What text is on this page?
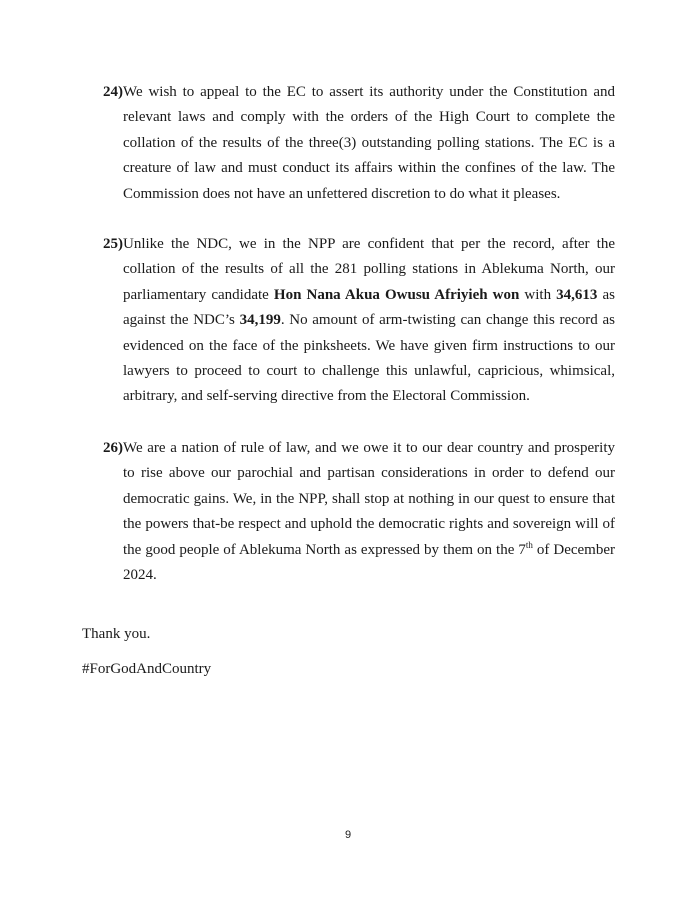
24)We wish to appeal to the EC to assert its authority under the Constitution and relevant laws and comply with the orders of the High Court to complete the collation of the results of the three(3) outstanding polling stations. The EC is a creature of law and must conduct its affairs within the confines of the law. The Commission does not have an unfettered discretion to do what it pleases.

25)Unlike the NDC, we in the NPP are confident that per the record, after the collation of the results of all the 281 polling stations in Ablekuma North, our parliamentary candidate Hon Nana Akua Owusu Afriyieh won with 34,613 as against the NDC’s 34,199. No amount of arm-twisting can change this record as evidenced on the face of the pinksheets. We have given firm instructions to our lawyers to proceed to court to challenge this unlawful, capricious, whimsical, arbitrary, and self-serving directive from the Electoral Commission.

26)We are a nation of rule of law, and we owe it to our dear country and prosperity to rise above our parochial and partisan considerations in order to defend our democratic gains. We, in the NPP, shall stop at nothing in our quest to ensure that the powers that-be respect and uphold the democratic rights and sovereign will of the good people of Ablekuma North as expressed by them on the 7th of December 2024.

Thank you.
#ForGodAndCountry
9
